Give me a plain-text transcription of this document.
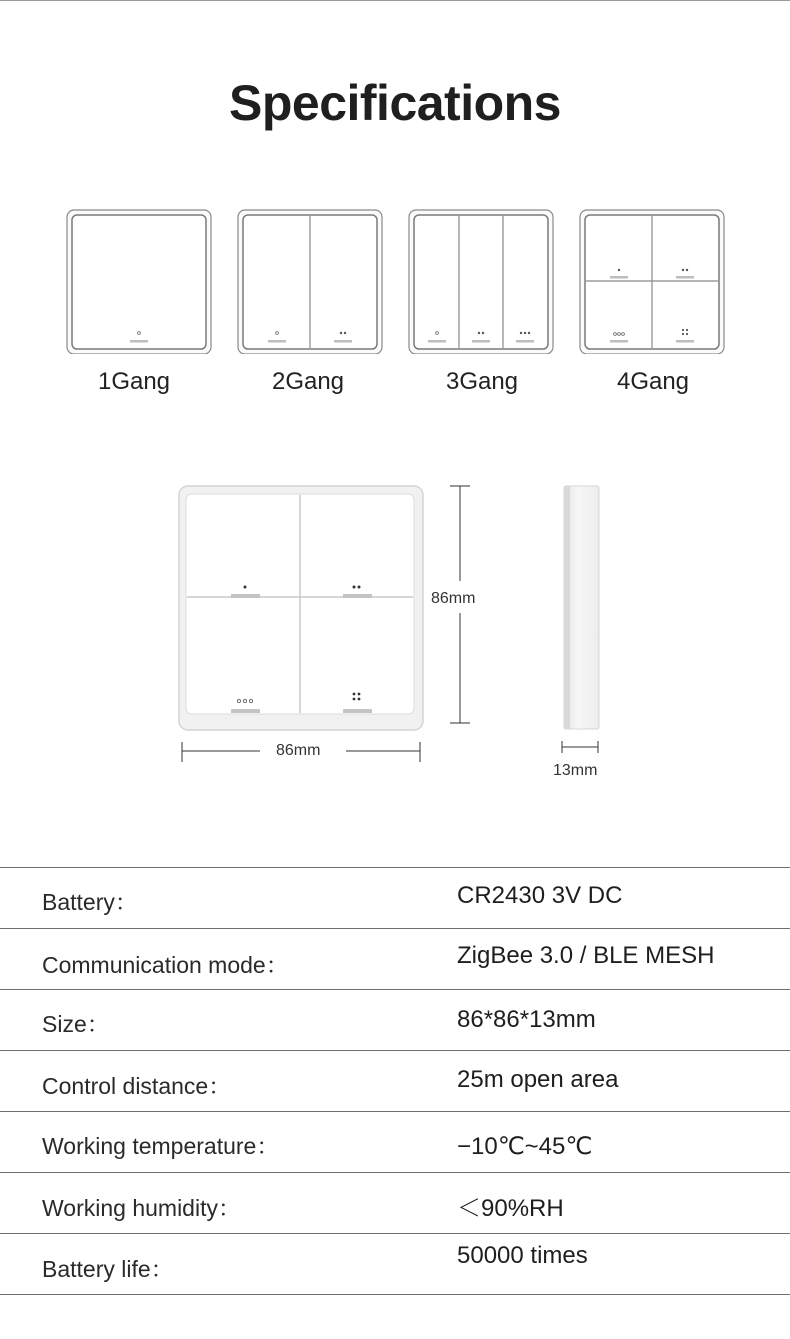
Specifications
1Gang	2Gang	3Gang	4Gang
86mm
86mm
13mm
Battery：	CR2430 3V DC
Communication mode：	ZigBee 3.0 / BLE MESH
Size：	86*86*13mm
Control distance：	25m open area
Working temperature：	−10℃~45℃
Working humidity：	＜90%RH
Battery life：	50000 times
